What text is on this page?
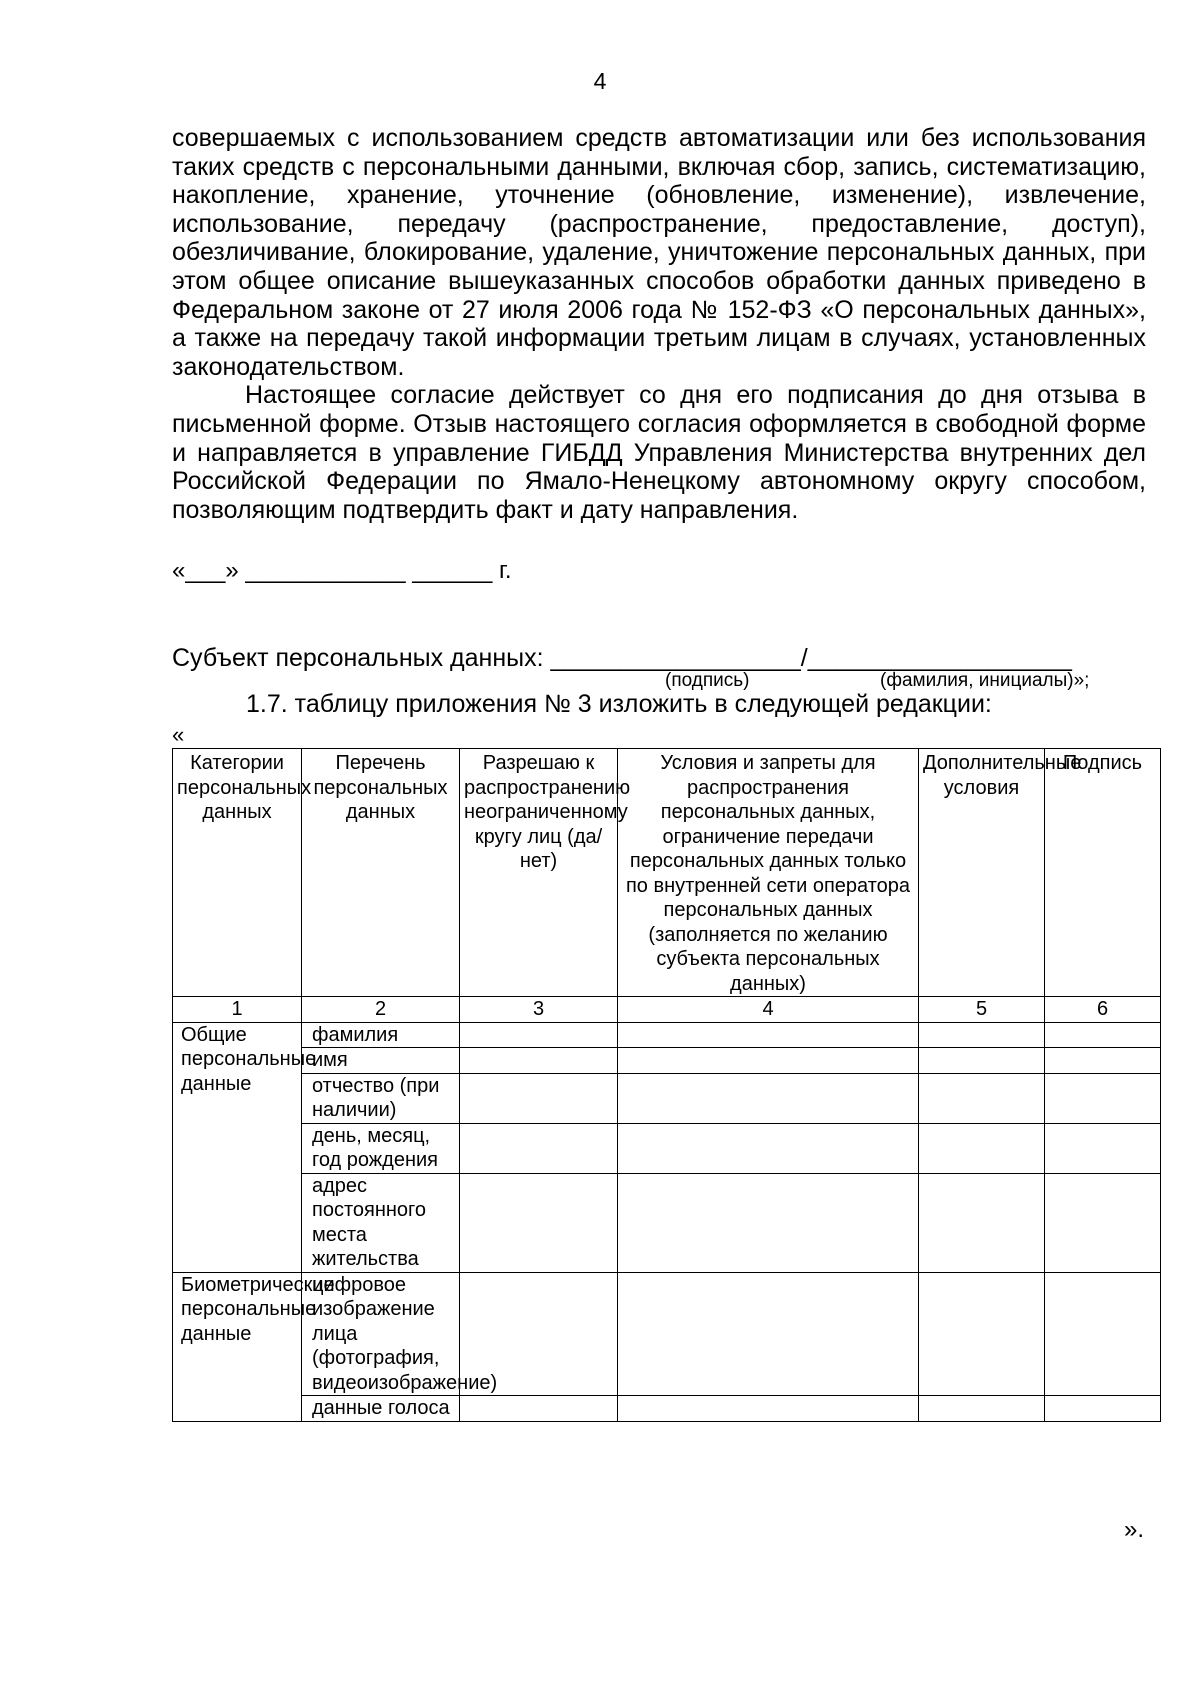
4

совершаемых с использованием средств автоматизации или без использования таких средств с персональными данными, включая сбор, запись, систематизацию, накопление, хранение, уточнение (обновление, изменение), извлечение, использование, передачу (распространение, предоставление, доступ), обезличивание, блокирование, удаление, уничтожение персональных данных, при этом общее описание вышеуказанных способов обработки данных приведено в Федеральном законе от 27 июля 2006 года № 152-ФЗ «О персональных данных», а также на передачу такой информации третьим лицам в случаях, установленных законодательством.

Настоящее согласие действует со дня его подписания до дня отзыва в письменной форме. Отзыв настоящего согласия оформляется в свободной форме и направляется в управление ГИБДД Управления Министерства внутренних дел Российской Федерации по Ямало-Ненецкому автономному округу способом, позволяющим подтвердить факт и дату направления.

«___» ____________ ______ г.
Субъект персональных данных: __________________/___________________
(подпись)	(фамилия, инициалы)»;
1.7. таблицу приложения № 3 изложить в следующей редакции:
«
Категории персональных данных	Перечень персональных данных	Разрешаю к распространению неограниченному кругу лиц (да/нет)	Условия и запреты для распространения персональных данных, ограничение передачи персональных данных только по внутренней сети оператора персональных данных (заполняется по желанию субъекта персональных данных)	Дополнительные условия	Подпись
1	2	3	4	5	6
Общие персональные данные	фамилия				
	имя				
	отчество (при наличии)				
	день, месяц, год рождения				
	адрес постоянного места жительства				
Биометрические персональные данные	цифровое изображение лица (фотография, видеоизображение)				
	данные голоса				
».
